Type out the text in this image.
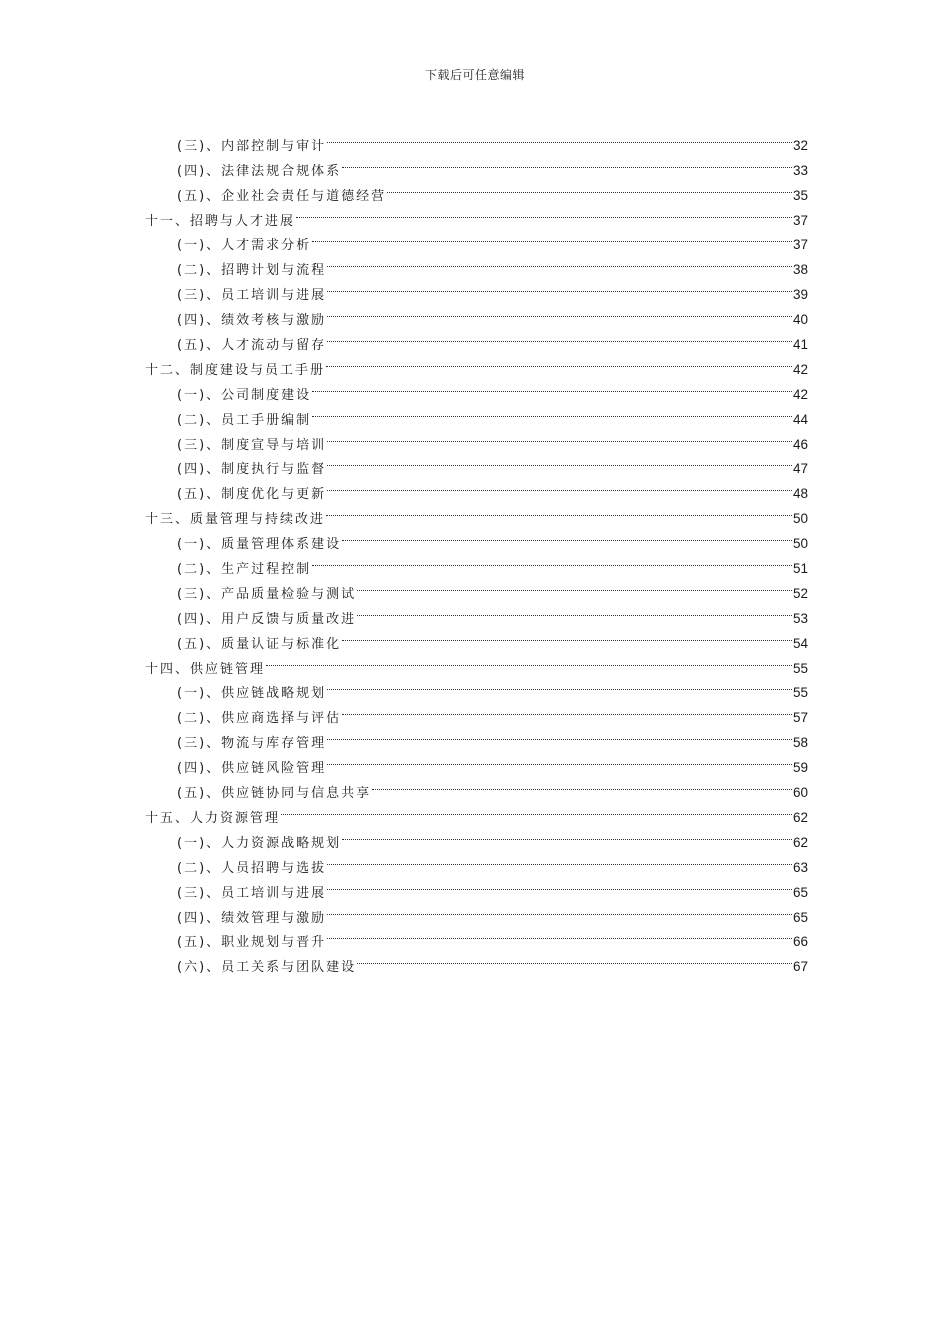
下载后可任意编辑
(三)、内部控制与审计	32
(四)、法律法规合规体系	33
(五)、企业社会责任与道德经营	35
十一、招聘与人才进展	37
(一)、人才需求分析	37
(二)、招聘计划与流程	38
(三)、员工培训与进展	39
(四)、绩效考核与激励	40
(五)、人才流动与留存	41
十二、制度建设与员工手册	42
(一)、公司制度建设	42
(二)、员工手册编制	44
(三)、制度宣导与培训	46
(四)、制度执行与监督	47
(五)、制度优化与更新	48
十三、质量管理与持续改进	50
(一)、质量管理体系建设	50
(二)、生产过程控制	51
(三)、产品质量检验与测试	52
(四)、用户反馈与质量改进	53
(五)、质量认证与标准化	54
十四、供应链管理	55
(一)、供应链战略规划	55
(二)、供应商选择与评估	57
(三)、物流与库存管理	58
(四)、供应链风险管理	59
(五)、供应链协同与信息共享	60
十五、人力资源管理	62
(一)、人力资源战略规划	62
(二)、人员招聘与选拔	63
(三)、员工培训与进展	65
(四)、绩效管理与激励	65
(五)、职业规划与晋升	66
(六)、员工关系与团队建设	67
